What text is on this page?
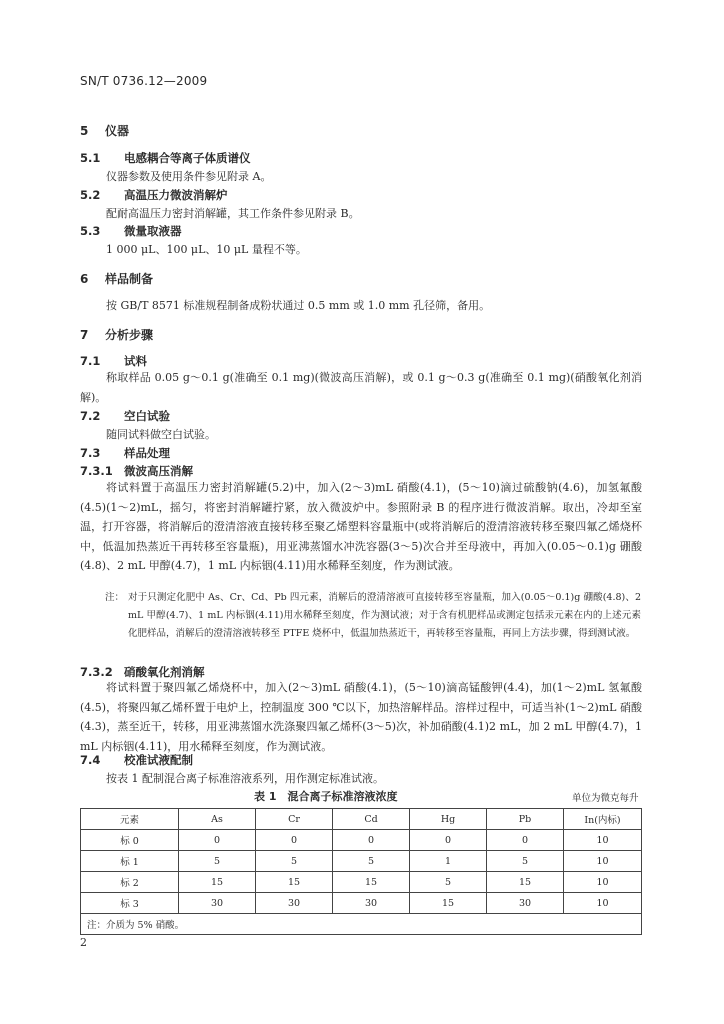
SN/T 0736.12—2009
5 仪器
5.1 电感耦合等离子体质谱仪
仪器参数及使用条件参见附录 A。
5.2 高温压力微波消解炉
配耐高温压力密封消解罐，其工作条件参见附录 B。
5.3 微量取液器
1 000 μL、100 μL、10 μL 量程不等。
6 样品制备
按 GB/T 8571 标准规程制备成粉状通过 0.5 mm 或 1.0 mm 孔径筛，备用。
7 分析步骤
7.1 试料
称取样品 0.05 g～0.1 g(准确至 0.1 mg)(微波高压消解)，或 0.1 g～0.3 g(准确至 0.1 mg)(硝酸氧化剂消解)。
7.2 空白试验
随同试料做空白试验。
7.3 样品处理
7.3.1 微波高压消解
将试料置于高温压力密封消解罐(5.2)中，加入(2～3)mL 硝酸(4.1)，(5～10)滴过硫酸钠(4.6)，加氢氟酸(4.5)(1～2)mL，摇匀，将密封消解罐拧紧，放入微波炉中。参照附录 B 的程序进行微波消解。取出，冷却至室温，打开容器，将消解后的澄清溶液直接转移至聚乙烯塑料容量瓶中(或将消解后的澄清溶液转移至聚四氟乙烯烧杯中，低温加热蒸近干再转移至容量瓶)，用亚沸蒸馏水冲洗容器(3～5)次合并至母液中，再加入(0.05～0.1)g 硼酸(4.8)、2 mL 甲醇(4.7)，1 mL 内标铟(4.11)用水稀释至刻度，作为测试液。
注： 对于只测定化肥中 As、Cr、Cd、Pb 四元素，消解后的澄清溶液可直接转移至容量瓶，加入(0.05～0.1)g 硼酸(4.8)、2 mL 甲醇(4.7)、1 mL 内标铟(4.11)用水稀释至刻度，作为测试液；对于含有机肥样品或测定包括汞元素在内的上述元素化肥样品，消解后的澄清溶液转移至 PTFE 烧杯中，低温加热蒸近干，再转移至容量瓶，再同上方法步骤，得到测试液。
7.3.2 硝酸氧化剂消解
将试料置于聚四氟乙烯烧杯中，加入(2～3)mL 硝酸(4.1)，(5～10)滴高锰酸钾(4.4)，加(1～2)mL 氢氟酸(4.5)，将聚四氟乙烯杯置于电炉上，控制温度 300 ℃以下，加热溶解样品。溶样过程中，可适当补(1～2)mL 硝酸(4.3)，蒸至近干，转移，用亚沸蒸馏水洗涤聚四氟乙烯杯(3～5)次，补加硝酸(4.1)2 mL，加 2 mL 甲醇(4.7)，1 mL 内标铟(4.11)，用水稀释至刻度，作为测试液。
7.4 校准试液配制
按表 1 配制混合离子标准溶液系列，用作测定标准试液。
表 1　混合离子标准溶液浓度	单位为微克每升
元素	As	Cr	Cd	Hg	Pb	In(内标)
标 0	0	0	0	0	0	10
标 1	5	5	5	1	5	10
标 2	15	15	15	5	15	10
标 3	30	30	30	15	30	10
注：介质为 5% 硝酸。						
2
